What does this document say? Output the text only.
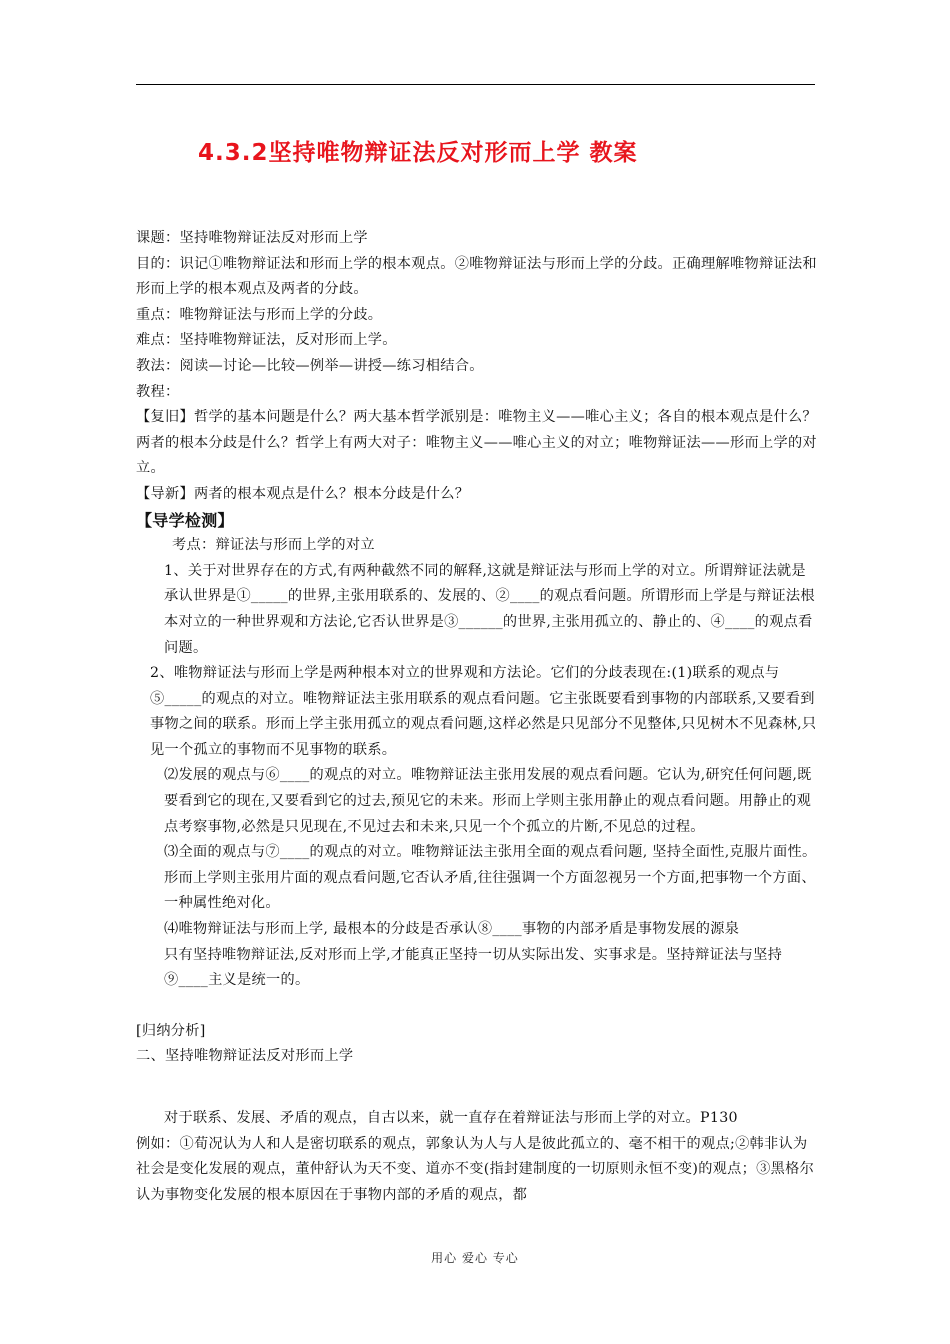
4.3.2坚持唯物辩证法反对形而上学 教案

课题：坚持唯物辩证法反对形而上学

目的：识记①唯物辩证法和形而上学的根本观点。②唯物辩证法与形而上学的分歧。正确理解唯物辩证法和形而上学的根本观点及两者的分歧。

重点：唯物辩证法与形而上学的分歧。

难点：坚持唯物辩证法，反对形而上学。

教法：阅读—讨论—比较—例举—讲授—练习相结合。

教程：

【复旧】哲学的基本问题是什么？两大基本哲学派别是：唯物主义——唯心主义；各自的根本观点是什么？两者的根本分歧是什么？哲学上有两大对子：唯物主义——唯心主义的对立；唯物辩证法——形而上学的对立。

【导新】两者的根本观点是什么？根本分歧是什么？

【导学检测】

考点：辩证法与形而上学的对立

1、关于对世界存在的方式,有两种截然不同的解释,这就是辩证法与形而上学的对立。所谓辩证法就是承认世界是①_____的世界,主张用联系的、发展的、②____的观点看问题。所谓形而上学是与辩证法根本对立的一种世界观和方法论,它否认世界是③______的世界,主张用孤立的、静止的、④____的观点看问题。

2、唯物辩证法与形而上学是两种根本对立的世界观和方法论。它们的分歧表现在:(1)联系的观点与⑤_____的观点的对立。唯物辩证法主张用联系的观点看问题。它主张既要看到事物的内部联系,又要看到事物之间的联系。形而上学主张用孤立的观点看问题,这样必然是只见部分不见整体,只见树木不见森林,只见一个孤立的事物而不见事物的联系。

⑵发展的观点与⑥____的观点的对立。唯物辩证法主张用发展的观点看问题。它认为,研究任何问题,既要看到它的现在,又要看到它的过去,预见它的未来。形而上学则主张用静止的观点看问题。用静止的观点考察事物,必然是只见现在,不见过去和未来,只见一个个孤立的片断,不见总的过程。

⑶全面的观点与⑦____的观点的对立。唯物辩证法主张用全面的观点看问题, 坚持全面性,克服片面性。形而上学则主张用片面的观点看问题,它否认矛盾,往往强调一个方面忽视另一个方面,把事物一个方面、一种属性绝对化。

⑷唯物辩证法与形而上学, 最根本的分歧是否承认⑧____事物的内部矛盾是事物发展的源泉

只有坚持唯物辩证法,反对形而上学,才能真正坚持一切从实际出发、实事求是。坚持辩证法与坚持⑨____主义是统一的。

[归纳分析]

二、坚持唯物辩证法反对形而上学

对于联系、发展、矛盾的观点，自古以来，就一直存在着辩证法与形而上学的对立。P130

例如：①荀况认为人和人是密切联系的观点，郭象认为人与人是彼此孤立的、毫不相干的观点;②韩非认为社会是变化发展的观点，董仲舒认为天不变、道亦不变(指封建制度的一切原则永恒不变)的观点；③黑格尔认为事物变化发展的根本原因在于事物内部的矛盾的观点，都

用心 爱心 专心
